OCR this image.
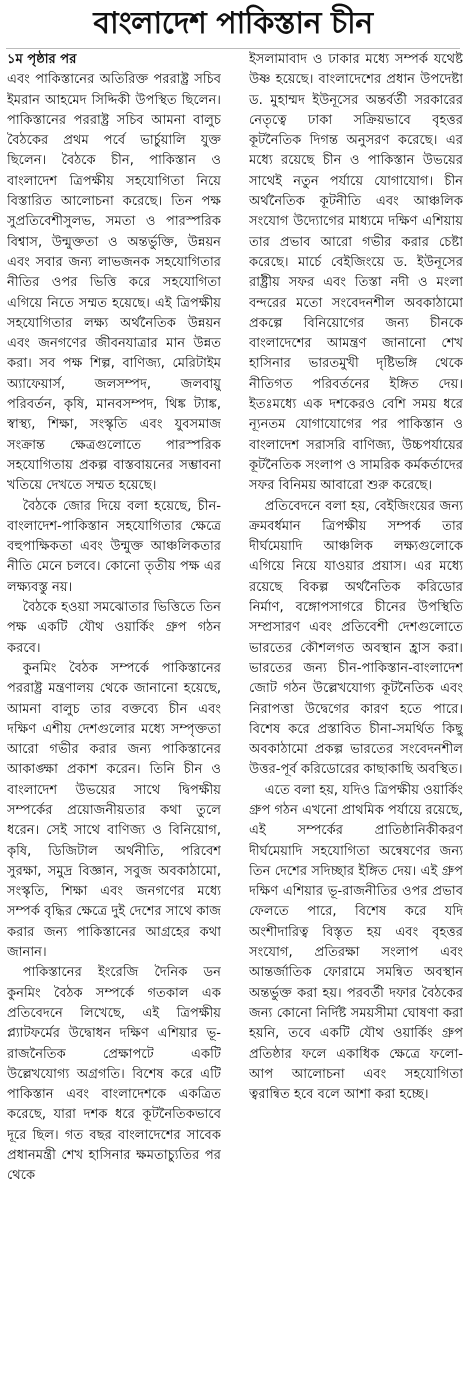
বাংলাদেশ পাকিস্তান চীন

১ম পৃষ্ঠার পর
এবং পাকিস্তানের অতিরিক্ত পররাষ্ট্র সচিব ইমরান আহমেদ সিদ্দিকী উপস্থিত ছিলেন। পাকিস্তানের পররাষ্ট্র সচিব আমনা বালুচ বৈঠকের প্রথম পর্বে ভার্চুয়ালি যুক্ত ছিলেন। বৈঠকে চীন, পাকিস্তান ও বাংলাদেশ ত্রিপক্ষীয় সহযোগিতা নিয়ে বিস্তারিত আলোচনা করেছে। তিন পক্ষ সুপ্রতিবেশীসুলভ, সমতা ও পারস্পরিক বিশ্বাস, উন্মুক্ততা ও অন্তর্ভুক্তি, উন্নয়ন এবং সবার জন্য লাভজনক সহযোগিতার নীতির ওপর ভিত্তি করে সহযোগিতা এগিয়ে নিতে সম্মত হয়েছে। এই ত্রিপক্ষীয় সহযোগিতার লক্ষ্য অর্থনৈতিক উন্নয়ন এবং জনগণের জীবনযাত্রার মান উন্নত করা। সব পক্ষ শিল্প, বাণিজ্য, মেরিটাইম অ্যাফেয়ার্স, জলসম্পদ, জলবায়ু পরিবর্তন, কৃষি, মানবসম্পদ, থিঙ্ক ট্যাঙ্ক, স্বাস্থ্য, শিক্ষা, সংস্কৃতি এবং যুবসমাজ সংক্রান্ত ক্ষেত্রগুলোতে পারস্পরিক সহযোগিতায় প্রকল্প বাস্তবায়নের সম্ভাবনা খতিয়ে দেখতে সম্মত হয়েছে।

বৈঠকে জোর দিয়ে বলা হয়েছে, চীন-বাংলাদেশ-পাকিস্তান সহযোগিতার ক্ষেত্রে বহুপাক্ষিকতা এবং উন্মুক্ত আঞ্চলিকতার নীতি মেনে চলবে। কোনো তৃতীয় পক্ষ এর লক্ষ্যবস্তু নয়।

বৈঠকে হওয়া সমঝোতার ভিত্তিতে তিন পক্ষ একটি যৌথ ওয়ার্কিং গ্রুপ গঠন করবে।

কুনমিং বৈঠক সম্পর্কে পাকিস্তানের পররাষ্ট্র মন্ত্রণালয় থেকে জানানো হয়েছে, আমনা বালুচ তার বক্তব্যে চীন এবং দক্ষিণ এশীয় দেশগুলোর মধ্যে সম্পৃক্ততা আরো গভীর করার জন্য পাকিস্তানের আকাঙ্ক্ষা প্রকাশ করেন। তিনি চীন ও বাংলাদেশ উভয়ের সাথে দ্বিপক্ষীয় সম্পর্কের প্রয়োজনীয়তার কথা তুলে ধরেন। সেই সাথে বাণিজ্য ও বিনিয়োগ, কৃষি, ডিজিটাল অর্থনীতি, পরিবেশ সুরক্ষা, সমুদ্র বিজ্ঞান, সবুজ অবকাঠামো, সংস্কৃতি, শিক্ষা এবং জনগণের মধ্যে সম্পর্ক বৃদ্ধির ক্ষেত্রে দুই দেশের সাথে কাজ করার জন্য পাকিস্তানের আগ্রহের কথা জানান।

পাকিস্তানের ইংরেজি দৈনিক ডন কুনমিং বৈঠক সম্পর্কে গতকাল এক প্রতিবেদনে লিখেছে, এই ত্রিপক্ষীয় প্ল্যাটফর্মের উদ্বোধন দক্ষিণ এশিয়ার ভূ-রাজনৈতিক প্রেক্ষাপটে একটি উল্লেখযোগ্য অগ্রগতি। বিশেষ করে এটি পাকিস্তান এবং বাংলাদেশকে একত্রিত করেছে, যারা দশক ধরে কূটনৈতিকভাবে দূরে ছিল। গত বছর বাংলাদেশের সাবেক প্রধানমন্ত্রী শেখ হাসিনার ক্ষমতাচ্যুতির পর থেকে

ইসলামাবাদ ও ঢাকার মধ্যে সম্পর্ক যথেষ্ট উষ্ণ হয়েছে। বাংলাদেশের প্রধান উপদেষ্টা ড. মুহাম্মদ ইউনূসের অন্তর্বর্তী সরকারের নেতৃত্বে ঢাকা সক্রিয়ভাবে বৃহত্তর কূটনৈতিক দিগন্ত অনুসরণ করেছে। এর মধ্যে রয়েছে চীন ও পাকিস্তান উভয়ের সাথেই নতুন পর্যায়ে যোগাযোগ। চীন অর্থনৈতিক কূটনীতি এবং আঞ্চলিক সংযোগ উদ্যোগের মাধ্যমে দক্ষিণ এশিয়ায় তার প্রভাব আরো গভীর করার চেষ্টা করেছে। মার্চে বেইজিংয়ে ড. ইউনূসের রাষ্ট্রীয় সফর এবং তিস্তা নদী ও মংলা বন্দরের মতো সংবেদনশীল অবকাঠামো প্রকল্পে বিনিয়োগের জন্য চীনকে বাংলাদেশের আমন্ত্রণ জানানো শেখ হাসিনার ভারতমুখী দৃষ্টিভঙ্গি থেকে নীতিগত পরিবর্তনের ইঙ্গিত দেয়। ইতঃমধ্যে এক দশকেরও বেশি সময় ধরে ন্যূনতম যোগাযোগের পর পাকিস্তান ও বাংলাদেশ সরাসরি বাণিজ্য, উচ্চপর্যায়ের কূটনৈতিক সংলাপ ও সামরিক কর্মকর্তাদের সফর বিনিময় আবারো শুরু করেছে।

প্রতিবেদনে বলা হয়, বেইজিংয়ের জন্য ক্রমবর্ধমান ত্রিপক্ষীয় সম্পর্ক তার দীর্ঘমেয়াদি আঞ্চলিক লক্ষ্যগুলোকে এগিয়ে নিয়ে যাওয়ার প্রয়াস। এর মধ্যে রয়েছে বিকল্প অর্থনৈতিক করিডোর নির্মাণ, বঙ্গোপসাগরে চীনের উপস্থিতি সম্প্রসারণ এবং প্রতিবেশী দেশগুলোতে ভারতের কৌশলগত অবস্থান হ্রাস করা। ভারতের জন্য চীন-পাকিস্তান-বাংলাদেশ জোট গঠন উল্লেখযোগ্য কূটনৈতিক এবং নিরাপত্তা উদ্বেগের কারণ হতে পারে। বিশেষ করে প্রস্তাবিত চীনা-সমর্থিত কিছু অবকাঠামো প্রকল্প ভারতের সংবেদনশীল উত্তর-পূর্ব করিডোরের কাছাকাছি অবস্থিত।

এতে বলা হয়, যদিও ত্রিপক্ষীয় ওয়ার্কিং গ্রুপ গঠন এখনো প্রাথমিক পর্যায়ে রয়েছে, এই সম্পর্কের প্রাতিষ্ঠানিকীকরণ দীর্ঘমেয়াদি সহযোগিতা অন্বেষণের জন্য তিন দেশের সদিচ্ছার ইঙ্গিত দেয়। এই গ্রুপ দক্ষিণ এশিয়ার ভূ-রাজনীতির ওপর প্রভাব ফেলতে পারে, বিশেষ করে যদি অংশীদারিত্ব বিস্তৃত হয় এবং বৃহত্তর সংযোগ, প্রতিরক্ষা সংলাপ এবং আন্তর্জাতিক ফোরামে সমন্বিত অবস্থান অন্তর্ভুক্ত করা হয়। পরবর্তী দফার বৈঠকের জন্য কোনো নির্দিষ্ট সময়সীমা ঘোষণা করা হয়নি, তবে একটি যৌথ ওয়ার্কিং গ্রুপ প্রতিষ্ঠার ফলে একাধিক ক্ষেত্রে ফলো-আপ আলোচনা এবং সহযোগিতা ত্বরান্বিত হবে বলে আশা করা হচ্ছে।
